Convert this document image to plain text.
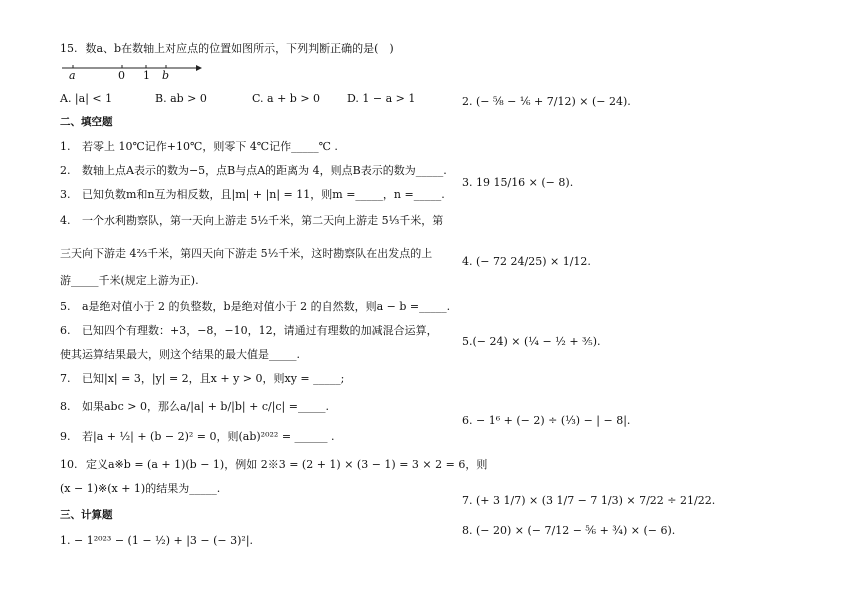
15. 数a、b在数轴上对应点的位置如图所示，下列判断正确的是(　)
a	0 1 b
A. |a| < 1	B. ab > 0	C. a + b > 0 D. 1 − a > 1
二、填空题
1. 若零上 10℃记作+10℃，则零下 4℃记作_____℃ .
2. 数轴上点A表示的数为−5，点B与点A的距离为 4，则点B表示的数为_____.
3. 已知负数m和n互为相反数，且|m| + |n| = 11，则m =_____，n =_____.
4. 一个水利勘察队，第一天向上游走 5½千米，第二天向上游走 5⅓千米，第
三天向下游走 4⅔千米，第四天向下游走 5½千米，这时勘察队在出发点的上
游_____千米(规定上游为正).
5. a是绝对值小于 2 的负整数，b是绝对值小于 2 的自然数，则a − b =_____.
6. 已知四个有理数：+3，−8，−10，12，请通过有理数的加减混合运算，
使其运算结果最大，则这个结果的最大值是_____.
7. 已知|x| = 3，|y| = 2，且x + y > 0，则xy = _____;
8. 如果abc > 0，那么a/|a| + b/|b| + c/|c| =_____.
9. 若|a + ½| + (b − 2)² = 0，则(ab)²⁰²² = ______ .
10. 定义a※b = (a + 1)(b − 1)，例如 2※3 = (2 + 1) × (3 − 1) = 3 × 2 = 6，则
(x − 1)※(x + 1)的结果为_____.
三、计算题
1. − 1²⁰²³ − (1 − ½) + |3 − (− 3)²|.
2. (− ⅝ − ⅙ + 7/12) × (− 24).
3. 19 15/16 × (− 8).
4. (− 72 24/25) × 1/12.
5.(− 24) × (¼ − ½ + ⅗).
6. − 1⁶ + (− 2) ÷ (⅓) − | − 8|.
7. (+ 3 1/7) × (3 1/7 − 7 1/3) × 7/22 ÷ 21/22.
8. (− 20) × (− 7/12 − ⅚ + ¾) × (− 6).
